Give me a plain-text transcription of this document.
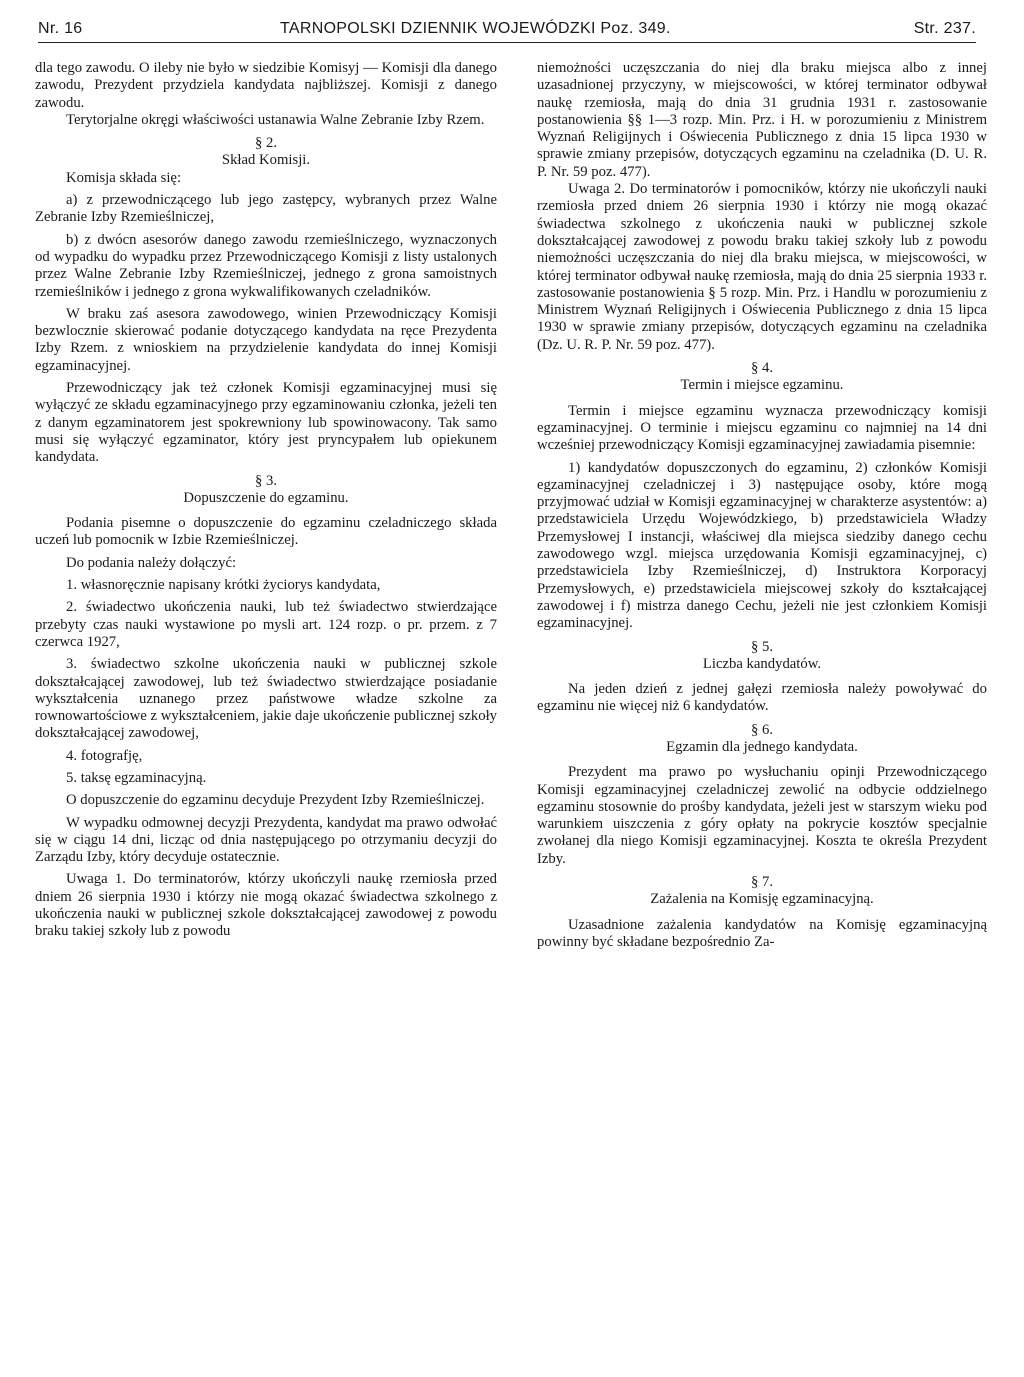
Nr. 16	TARNOPOLSKI DZIENNIK WOJEWÓDZKI Poz. 349.	Str. 237.

dla tego zawodu. O ileby nie było w siedzibie Komisyj — Komisji dla danego zawodu, Prezydent przydziela kandydata najbliższej. Komisji z danego zawodu.

Terytorjalne okręgi właściwości ustanawia Walne Zebranie Izby Rzem.

§ 2.

Skład Komisji.

Komisja składa się:

a) z przewodniczącego lub jego zastępcy, wybranych przez Walne Zebranie Izby Rzemieślniczej,

b) z dwócn asesorów danego zawodu rzemieślniczego, wyznaczonych od wypadku do wypadku przez Przewodniczącego Komisji z listy ustalonych przez Walne Zebranie Izby Rzemieślniczej, jednego z grona samoistnych rzemieślników i jednego z grona wykwalifikowanych czeladników.

W braku zaś asesora zawodowego, winien Przewodniczący Komisji bezwlocznie skierować podanie dotyczącego kandydata na ręce Prezydenta Izby Rzem. z wnioskiem na przydzielenie kandydata do innej Komisji egzaminacyjnej.

Przewodniczący jak też członek Komisji egzaminacyjnej musi się wyłączyć ze składu egzaminacyjnego przy egzaminowaniu członka, jeżeli ten z danym egzaminatorem jest spokrewniony lub spowinowacony. Tak samo musi się wyłączyć egzaminator, który jest pryncypałem lub opiekunem kandydata.

§ 3.

Dopuszczenie do egzaminu.

Podania pisemne o dopuszczenie do egzaminu czeladniczego składa uczeń lub pomocnik w Izbie Rzemieślniczej.

Do podania należy dołączyć:

1. własnoręcznie napisany krótki życiorys kandydata,

2. świadectwo ukończenia nauki, lub też świadectwo stwierdzające przebyty czas nauki wystawione po mysli art. 124 rozp. o pr. przem. z 7 czerwca 1927,

3. świadectwo szkolne ukończenia nauki w publicznej szkole dokształcającej zawodowej, lub też świadectwo stwierdzające posiadanie wykształcenia uznanego przez państwowe władze szkolne za rownowartościowe z wykształceniem, jakie daje ukończenie publicznej szkoły dokształcającej zawodowej,

4. fotografję,

5. taksę egzaminacyjną.

O dopuszczenie do egzaminu decyduje Prezydent Izby Rzemieślniczej.

W wypadku odmownej decyzji Prezydenta, kandydat ma prawo odwołać się w ciągu 14 dni, licząc od dnia następującego po otrzymaniu decyzji do Zarządu Izby, który decyduje ostatecznie.

Uwaga 1. Do terminatorów, którzy ukończyli naukę rzemiosła przed dniem 26 sierpnia 1930 i którzy nie mogą okazać świadectwa szkolnego z ukończenia nauki w publicznej szkole dokształcającej zawodowej z powodu braku takiej szkoły lub z powodu

niemożności uczęszczania do niej dla braku miejsca albo z innej uzasadnionej przyczyny, w miejscowości, w której terminator odbywał naukę rzemiosła, mają do dnia 31 grudnia 1931 r. zastosowanie postanowienia §§ 1—3 rozp. Min. Prz. i H. w porozumieniu z Ministrem Wyznań Religijnych i Oświecenia Publicznego z dnia 15 lipca 1930 w sprawie zmiany przepisów, dotyczących egzaminu na czeladnika (D. U. R. P. Nr. 59 poz. 477).

Uwaga 2. Do terminatorów i pomocników, którzy nie ukończyli nauki rzemiosła przed dniem 26 sierpnia 1930 i którzy nie mogą okazać świadectwa szkolnego z ukończenia nauki w publicznej szkole dokształcającej zawodowej z powodu braku takiej szkoły lub z powodu niemożności uczęszczania do niej dla braku miejsca, w miejscowości, w której terminator odbywał naukę rzemiosła, mają do dnia 25 sierpnia 1933 r. zastosowanie postanowienia § 5 rozp. Min. Prz. i Handlu w porozumieniu z Ministrem Wyznań Religijnych i Oświecenia Publicznego z dnia 15 lipca 1930 w sprawie zmiany przepisów, dotyczących egzaminu na czeladnika (Dz. U. R. P. Nr. 59 poz. 477).

§ 4.

Termin i miejsce egzaminu.

Termin i miejsce egzaminu wyznacza przewodniczący komisji egzaminacyjnej. O terminie i miejscu egzaminu co najmniej na 14 dni wcześniej przewodniczący Komisji egzaminacyjnej zawiadamia pisemnie:

1) kandydatów dopuszczonych do egzaminu, 2) członków Komisji egzaminacyjnej czeladniczej i 3) następujące osoby, które mogą przyjmować udział w Komisji egzaminacyjnej w charakterze asystentów: a) przedstawiciela Urzędu Wojewódzkiego, b) przedstawiciela Władzy Przemysłowej I instancji, właściwej dla miejsca siedziby danego cechu zawodowego wzgl. miejsca urzędowania Komisji egzaminacyjnej, c) przedstawiciela Izby Rzemieślniczej, d) Instruktora Korporacyj Przemysłowych, e) przedstawiciela miejscowej szkoły do kształcającej zawodowej i f) mistrza danego Cechu, jeżeli nie jest członkiem Komisji egzaminacyjnej.

§ 5.

Liczba kandydatów.

Na jeden dzień z jednej gałęzi rzemiosła należy powoływać do egzaminu nie więcej niż 6 kandydatów.

§ 6.

Egzamin dla jednego kandydata.

Prezydent ma prawo po wysłuchaniu opinji Przewodniczącego Komisji egzaminacyjnej czeladniczej zewolić na odbycie oddzielnego egzaminu stosownie do prośby kandydata, jeżeli jest w starszym wieku pod warunkiem uiszczenia z góry opłaty na pokrycie kosztów specjalnie zwołanej dla niego Komisji egzaminacyjnej. Koszta te określa Prezydent Izby.

§ 7.

Zażalenia na Komisję egzaminacyjną.

Uzasadnione zażalenia kandydatów na Komisję egzaminacyjną powinny być składane bezpośrednio Za-
